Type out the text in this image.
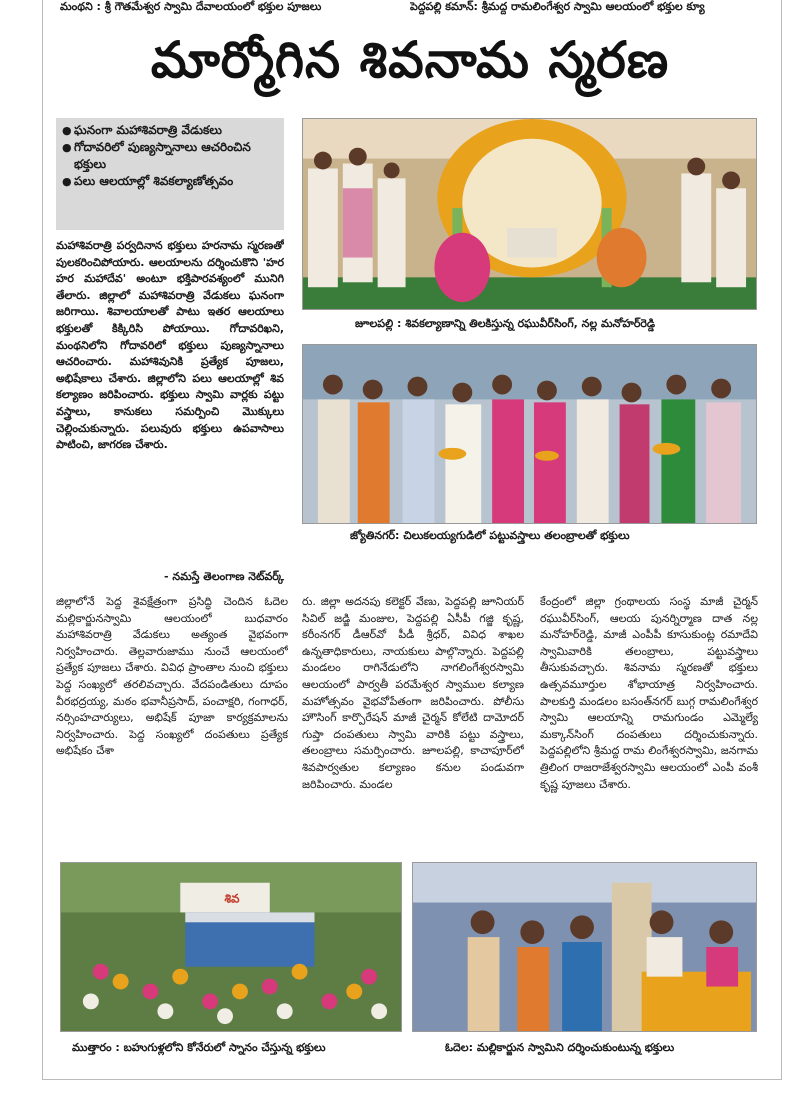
మంథని : శ్రీ గౌతమేశ్వర స్వామి దేవాలయంలో భక్తుల పూజలు	పెద్దపల్లి కమాన్: శ్రీమద్ద రామలింగేశ్వర స్వామి ఆలయంలో భక్తుల క్యూ
మార్మోగిన శివనామ స్మరణ
● ఘనంగా మహాశివరాత్రి వేడుకలు
● గోదావరిలో పుణ్యస్నానాలు ఆచరించిన భక్తులు
● పలు ఆలయాల్లో శివకల్యాణోత్సవం

మహాశివరాత్రి పర్వదినాన భక్తులు హరనామ స్మరణతో పులకరించిపోయారు. ఆలయాలను దర్శించుకొని 'హర హర మహాదేవ' అంటూ భక్తిపారవశ్యంలో మునిగి తేలారు. జిల్లాలో మహాశివరాత్రి వేడుకలు ఘనంగా జరిగాయి. శివాలయాలతో పాటు ఇతర ఆలయాలు భక్తులతో కిక్కిరిసి పోయాయి. గోదావరిఖని, మంథనిలోని గోదావరిలో భక్తులు పుణ్యస్నానాలు ఆచరించారు. మహాశివునికి ప్రత్యేక పూజలు, అభిషేకాలు చేశారు. జిల్లాలోని పలు ఆలయాల్లో శివ కల్యాణం జరిపించారు. భక్తులు స్వామి వార్లకు పట్టు వస్త్రాలు, కానుకలు సమర్పించి మొక్కులు చెల్లించుకున్నారు. పలువురు భక్తులు ఉపవాసాలు పాటించి, జాగరణ చేశారు.

- నమస్తే తెలంగాణ నెట్‌వర్క్

జిల్లాలోనే పెద్ద శైవక్షేత్రంగా ప్రసిద్ధి చెందిన ఓదెల మల్లికార్జునస్వామి ఆలయంలో బుధవారం మహాశివరాత్రి వేడుకలు అత్యంత వైభవంగా నిర్వహించారు. తెల్లవారుజాము నుంచే ఆలయంలో ప్రత్యేక పూజలు చేశారు. వివిధ ప్రాంతాల నుంచి భక్తులు పెద్ద సంఖ్యలో తరలివచ్చారు. వేదపండితులు దూపం వీరభద్రయ్య, మఠం భవానీప్రసాద్, పంచాక్షరి, గంగాధర్, నర్సింహచార్యులు, అభిషేక్ పూజా కార్యక్రమాలను నిర్వహించారు. పెద్ద సంఖ్యలో దంపతులు ప్రత్యేక అభిషేకం చేశా

రు. జిల్లా అదనపు కలెక్టర్ వేణు, పెద్దపల్లి జూనియర్ సివిల్ జడ్జి మంజుల, పెద్దపల్లి ఏసీపీ గజ్జి కృష్ణ, కరీంనగర్ డీఆర్‌వో పీడీ శ్రీధర్, వివిధ శాఖల ఉన్నతాధికారులు, నాయకులు పాల్గొన్నారు. పెద్దపల్లి మండలం రాగినేడులోని నాగలింగేశ్వరస్వామి ఆలయంలో పార్వతీ పరమేశ్వర స్వాముల కల్యాణ మహోత్సవం వైభవోపేతంగా జరిపించారు. పోలీసు హౌసింగ్ కార్పొరేషన్ మాజీ చైర్మన్ కోలేటి దామోదర్ గుప్తా దంపతులు స్వామి వారికి పట్టు వస్త్రాలు, తలంబ్రాలు సమర్పించారు. జూలపల్లి, కాచాపూర్‌లో శివపార్వతుల కల్యాణం కనుల పండువగా జరిపించారు. మండల

కేంద్రంలో జిల్లా గ్రంథాలయ సంస్థ మాజీ చైర్మన్ రఘువీర్‌సింగ్, ఆలయ పునర్నిర్మాణ దాత నల్ల మనోహర్‌రెడ్డి, మాజీ ఎంపీపీ కూసుకుంట్ల రమాదేవి స్వామివారికి తలంబ్రాలు, పట్టువస్త్రాలు తీసుకువచ్చారు. శివనామ స్మరణతో భక్తులు ఉత్సవమూర్తుల శోభాయాత్ర నిర్వహించారు. పాలకుర్తి మండలం బసంత్‌నగర్ బుగ్గ రామలింగేశ్వర స్వామి ఆలయాన్ని రామగుండం ఎమ్మెల్యే మక్కాన్‌సింగ్ దంపతులు దర్శించుకున్నారు. పెద్దపల్లిలోని శ్రీమద్ద రామ లింగేశ్వరస్వామి, జనగామ త్రిలింగ రాజరాజేశ్వరస్వామి ఆలయంలో ఎంపీ వంశీ కృష్ణ పూజలు చేశారు.

జూలపల్లి : శివకల్యాణాన్ని తిలకిస్తున్న రఘువీర్‌సింగ్, నల్ల మనోహర్‌రెడ్డి
జ్యోతినగర్: చిలుకలయ్యగుడిలో పట్టువస్త్రాలు తలంబ్రాలతో భక్తులు
శివ
ముత్తారం : బహుగుళ్లలోని కోనేరులో స్నానం చేస్తున్న భక్తులు	ఓదెల: మల్లికార్జున స్వామిని దర్శించుకుంటున్న భక్తులు
